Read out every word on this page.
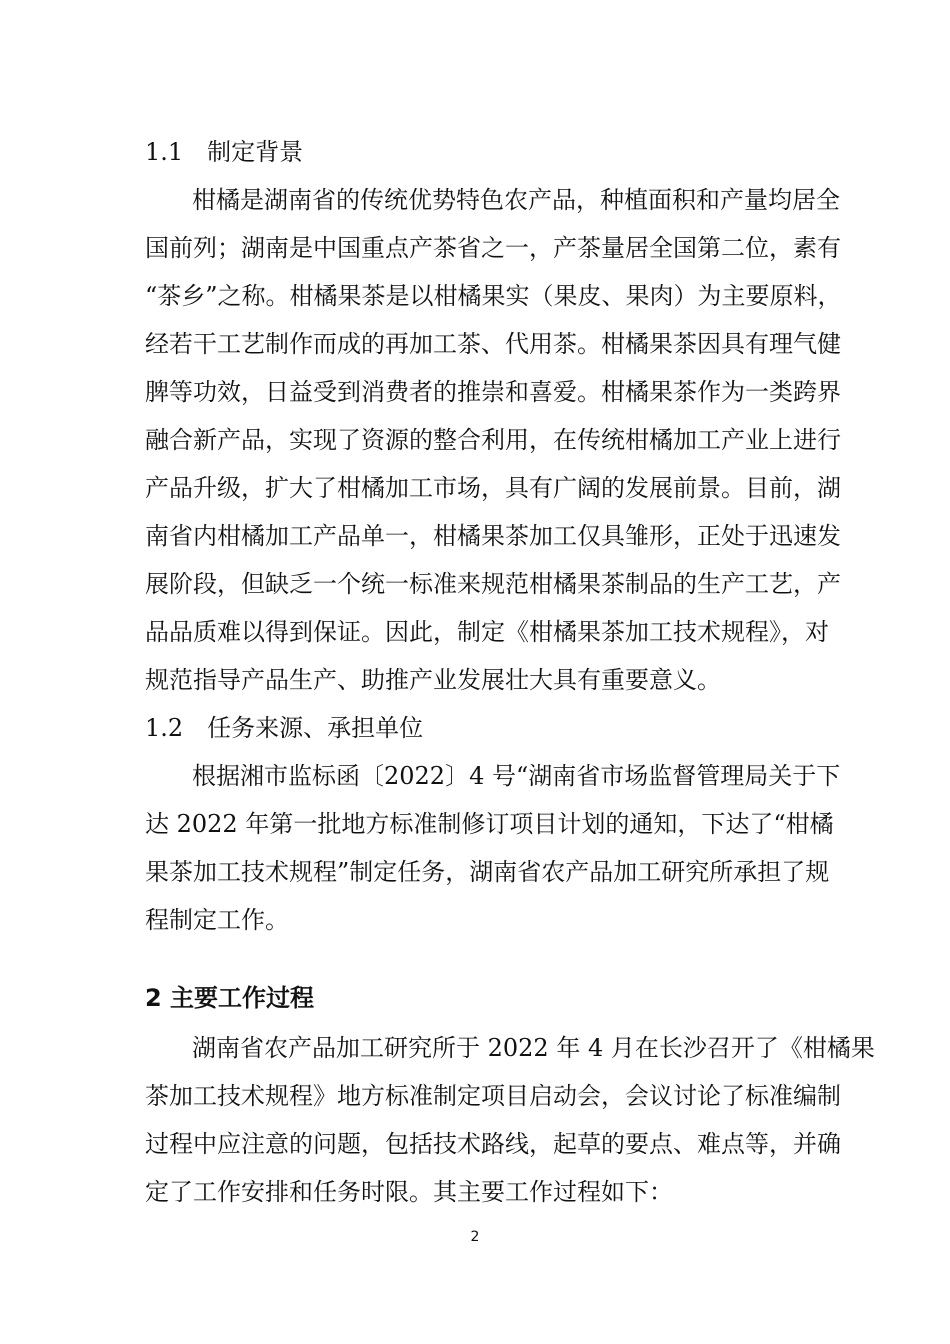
2
1.1　制定背景
柑橘是湖南省的传统优势特色农产品，种植面积和产量均居全
国前列；湖南是中国重点产茶省之一，产茶量居全国第二位，素有
“茶乡”之称。柑橘果茶是以柑橘果实（果皮、果肉）为主要原料，
经若干工艺制作而成的再加工茶、代用茶。柑橘果茶因具有理气健
脾等功效，日益受到消费者的推崇和喜爱。柑橘果茶作为一类跨界
融合新产品，实现了资源的整合利用，在传统柑橘加工产业上进行
产品升级，扩大了柑橘加工市场，具有广阔的发展前景。目前，湖
南省内柑橘加工产品单一，柑橘果茶加工仅具雏形，正处于迅速发
展阶段，但缺乏一个统一标准来规范柑橘果茶制品的生产工艺，产
品品质难以得到保证。因此，制定《柑橘果茶加工技术规程》，对
规范指导产品生产、助推产业发展壮大具有重要意义。
1.2　任务来源、承担单位
根据湘市监标函〔2022〕4 号“湖南省市场监督管理局关于下
达 2022 年第一批地方标准制修订项目计划的通知，下达了“柑橘
果茶加工技术规程”制定任务，湖南省农产品加工研究所承担了规
程制定工作。
2 主要工作过程
湖南省农产品加工研究所于 2022 年 4 月在长沙召开了《柑橘果
茶加工技术规程》地方标准制定项目启动会，会议讨论了标准编制
过程中应注意的问题，包括技术路线，起草的要点、难点等，并确
定了工作安排和任务时限。其主要工作过程如下：
